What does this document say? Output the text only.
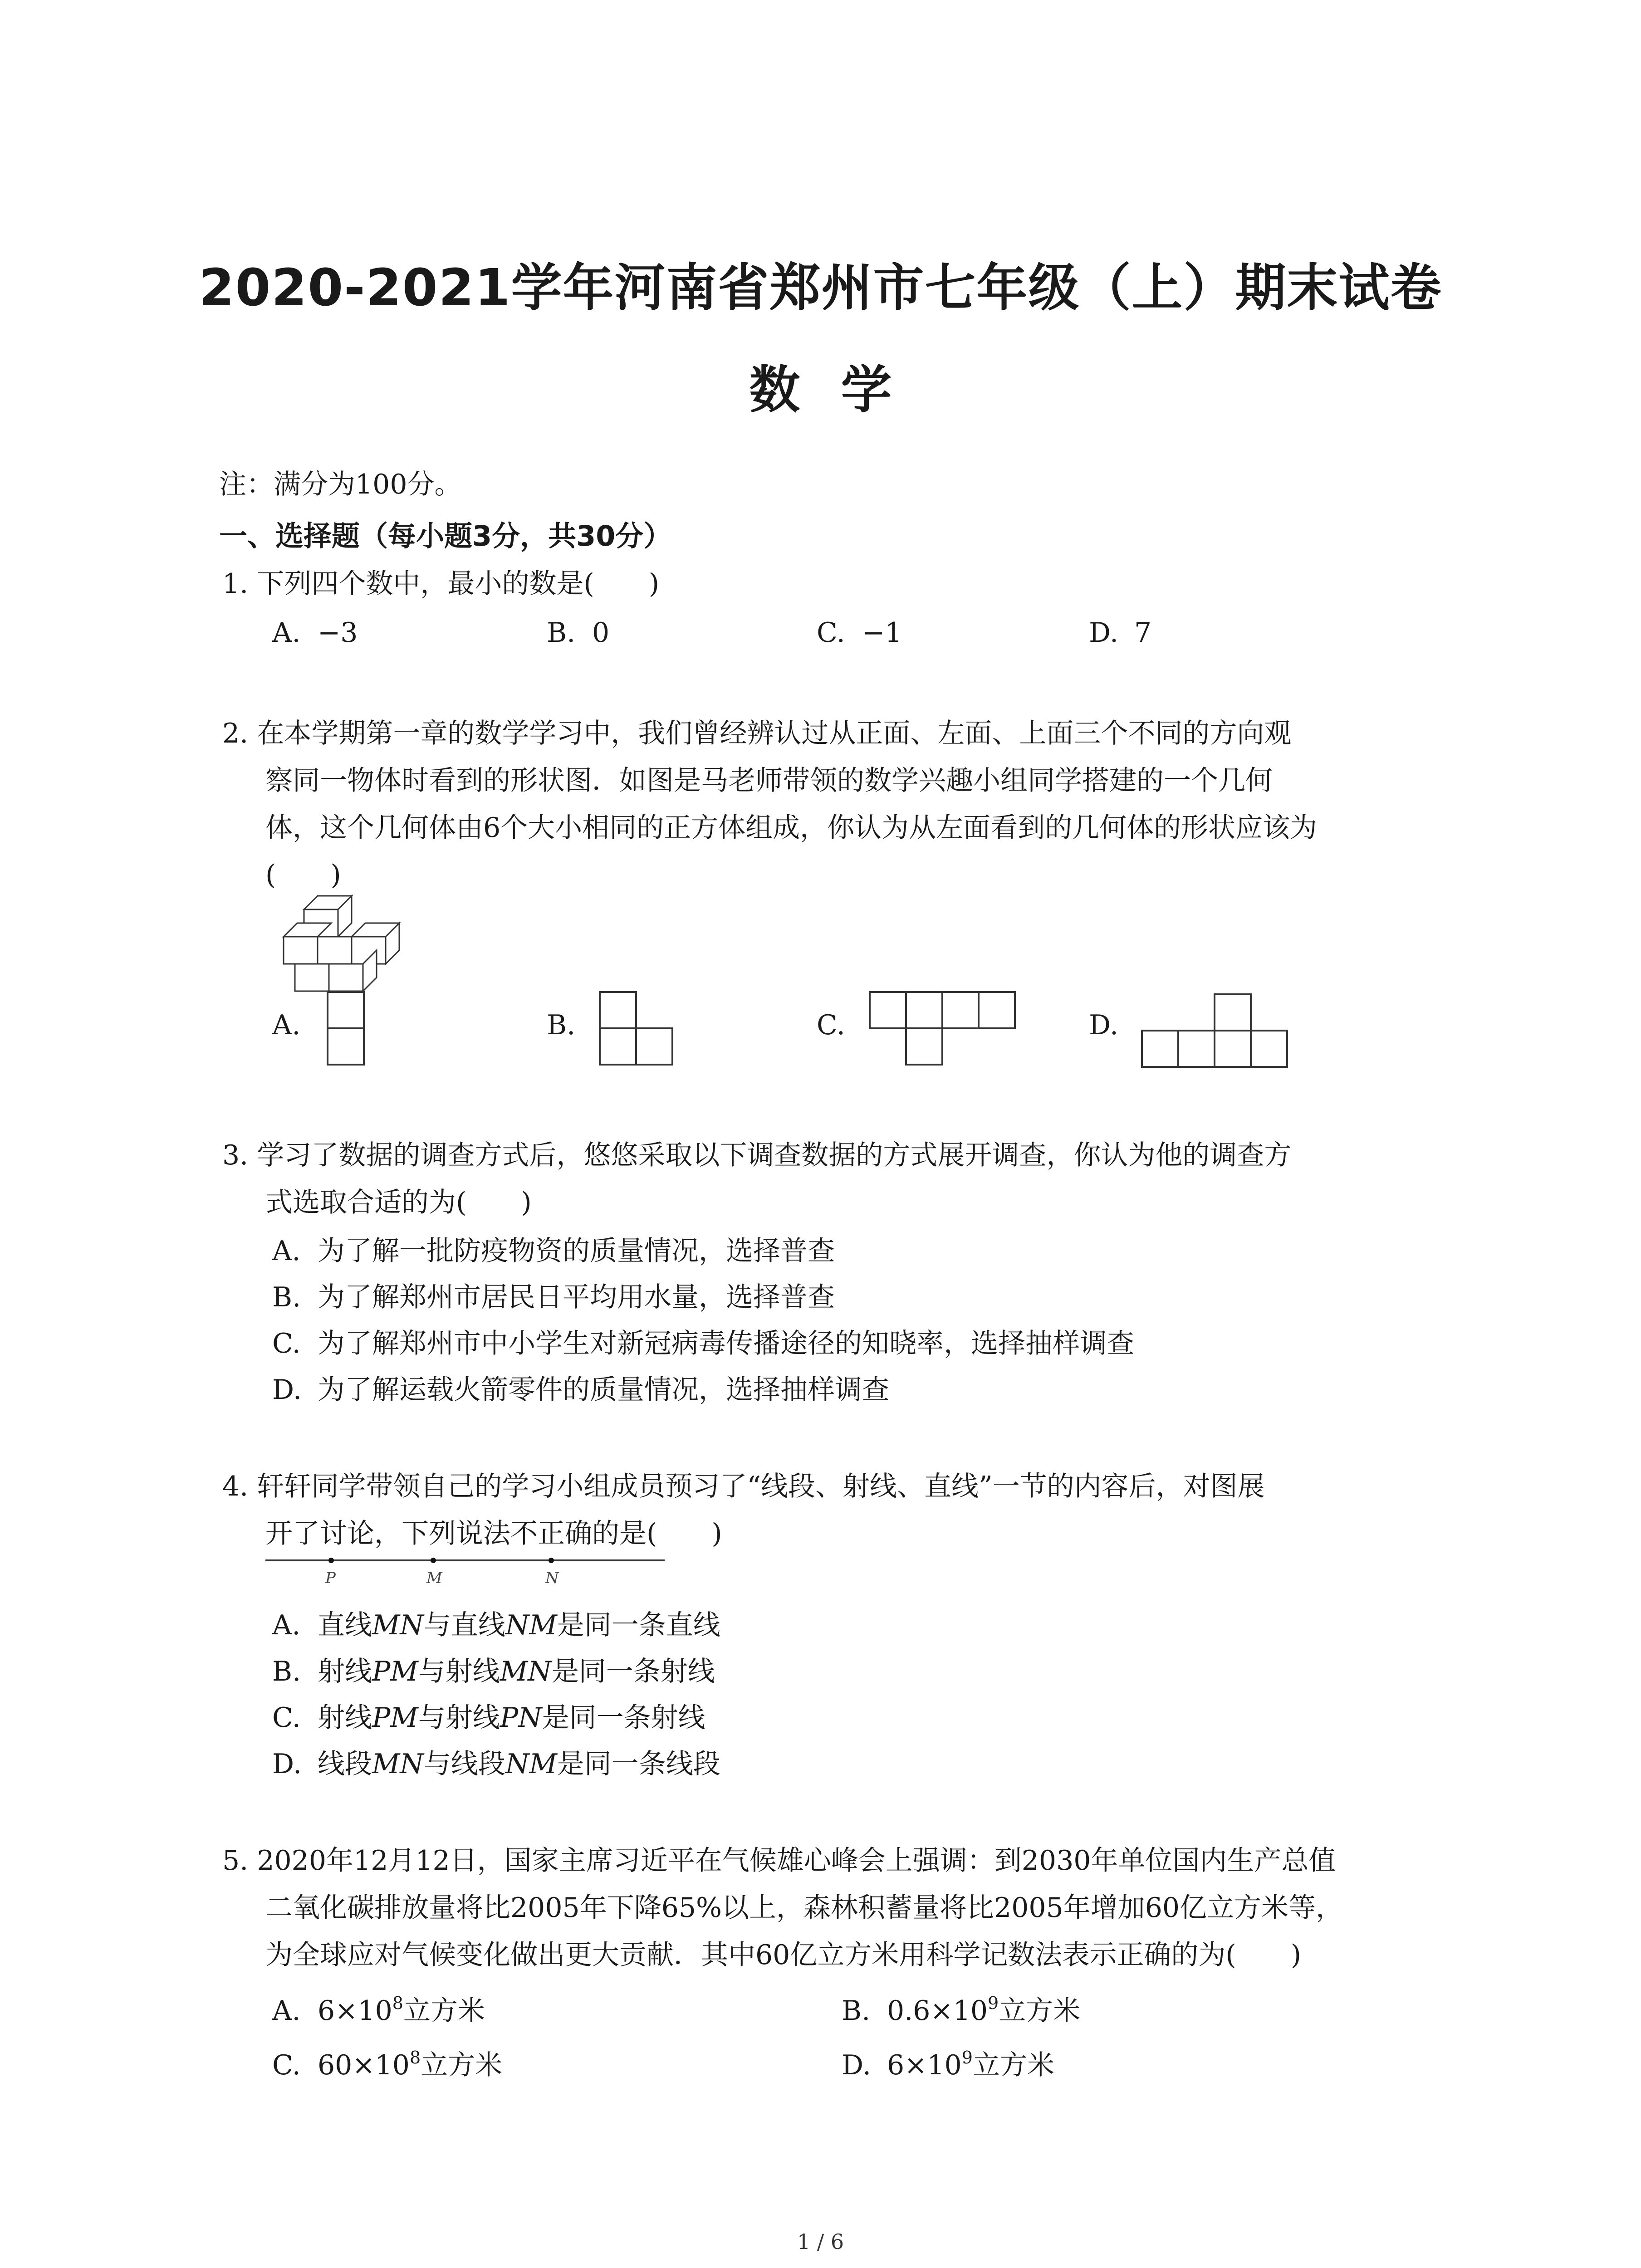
2020-2021学年河南省郑州市七年级（上）期末试卷
数学
注：满分为100分。
一、选择题（每小题3分，共30分）
1. 下列四个数中，最小的数是(　　)
A. −3	B. 0	C. −1	D. 7
2. 在本学期第一章的数学学习中，我们曾经辨认过从正面、左面、上面三个不同的方向观
察同一物体时看到的形状图．如图是马老师带领的数学兴趣小组同学搭建的一个几何
体，这个几何体由6个大小相同的正方体组成，你认为从左面看到的几何体的形状应该为
(　　)
A.	B.	C.	D.
3. 学习了数据的调查方式后，悠悠采取以下调查数据的方式展开调查，你认为他的调查方
式选取合适的为(　　)
A. 为了解一批防疫物资的质量情况，选择普查
B. 为了解郑州市居民日平均用水量，选择普查
C. 为了解郑州市中小学生对新冠病毒传播途径的知晓率，选择抽样调查
D. 为了解运载火箭零件的质量情况，选择抽样调查
4. 轩轩同学带领自己的学习小组成员预习了“线段、射线、直线”一节的内容后，对图展
开了讨论，下列说法不正确的是(　　)
P	M	N
A. 直线MN与直线NM是同一条直线
B. 射线PM与射线MN是同一条射线
C. 射线PM与射线PN是同一条射线
D. 线段MN与线段NM是同一条线段
5. 2020年12月12日，国家主席习近平在气候雄心峰会上强调：到2030年单位国内生产总值
二氧化碳排放量将比2005年下降65%以上，森林积蓄量将比2005年增加60亿立方米等，
为全球应对气候变化做出更大贡献．其中60亿立方米用科学记数法表示正确的为(　　)
A. $6\times 10^8$立方米	B. $0.6\times 10^9$立方米
C. $60\times 10^8$立方米	D. $6\times 10^9$立方米
1 / 6
